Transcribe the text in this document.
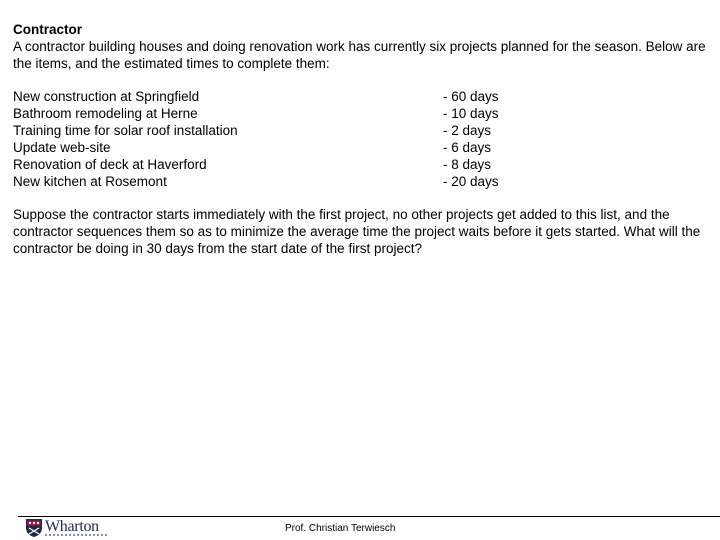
Contractor
A contractor building houses and doing renovation work has currently six projects planned for the season. Below are the items, and the estimated times to complete them:
New construction at Springfield	- 60 days
Bathroom remodeling at Herne	- 10 days
Training time for solar roof installation	- 2 days
Update web-site	- 6 days
Renovation of deck at Haverford	- 8 days
New kitchen at Rosemont	- 20 days
Suppose the contractor starts immediately with the first project, no other projects get added to this list, and the contractor sequences them so as to minimize the average time the project waits before it gets started. What will the contractor be doing in 30 days from the start date of the first project?
Wharton	Prof. Christian Terwiesch
